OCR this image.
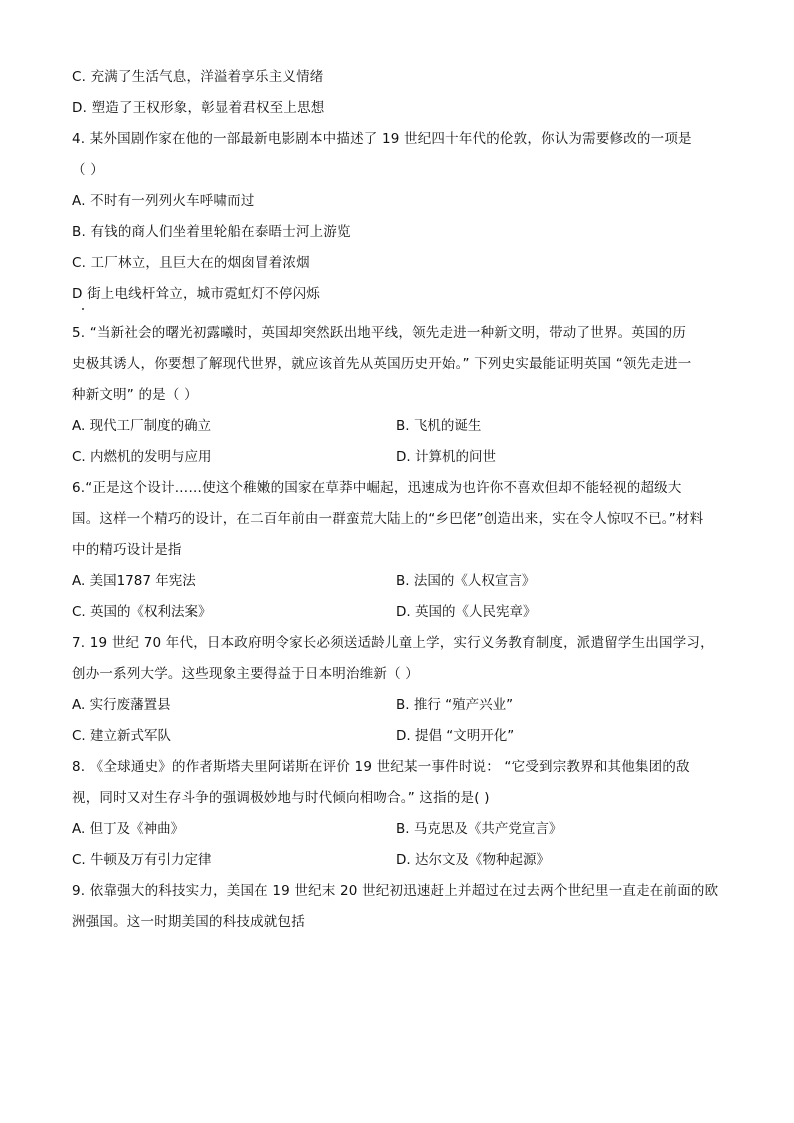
C. 充满了生活气息，洋溢着享乐主义情绪
D. 塑造了王权形象，彰显着君权至上思想
4. 某外国剧作家在他的一部最新电影剧本中描述了 19 世纪四十年代的伦敦，你认为需要修改的一项是
（ ）
A. 不时有一列列火车呼啸而过
B. 有钱的商人们坐着里轮船在泰晤士河上游览
C. 工厂林立，且巨大在的烟囱冒着浓烟
D 街上电线杆耸立，城市霓虹灯不停闪烁
5. “当新社会的曙光初露曦时，英国却突然跃出地平线，领先走进一种新文明，带动了世界。英国的历
史极其诱人，你要想了解现代世界，就应该首先从英国历史开始。” 下列史实最能证明英国 “领先走进一
种新文明” 的是（ ）
A. 现代工厂制度的确立	B. 飞机的诞生
C. 内燃机的发明与应用	D. 计算机的问世
6.“正是这个设计……使这个稚嫩的国家在草莽中崛起，迅速成为也许你不喜欢但却不能轻视的超级大
国。这样一个精巧的设计，在二百年前由一群蛮荒大陆上的“乡巴佬”创造出来，实在令人惊叹不已。”材料
中的精巧设计是指
A. 美国1787 年宪法	B. 法国的《人权宣言》
C. 英国的《权利法案》	D. 英国的《人民宪章》
7. 19 世纪 70 年代，日本政府明令家长必须送适龄儿童上学，实行义务教育制度，派遣留学生出国学习，
创办一系列大学。这些现象主要得益于日本明治维新（ ）
A. 实行废藩置县	B. 推行 “殖产兴业”
C. 建立新式军队	D. 提倡 “文明开化”
8. 《全球通史》的作者斯塔夫里阿诺斯在评价 19 世纪某一事件时说： “它受到宗教界和其他集团的敌
视，同时又对生存斗争的强调极妙地与时代倾向相吻合。” 这指的是( )
A. 但丁及《神曲》	B. 马克思及《共产党宣言》
C. 牛顿及万有引力定律	D. 达尔文及《物种起源》
9. 依靠强大的科技实力，美国在 19 世纪末 20 世纪初迅速赶上并超过在过去两个世纪里一直走在前面的欧
洲强国。这一时期美国的科技成就包括
